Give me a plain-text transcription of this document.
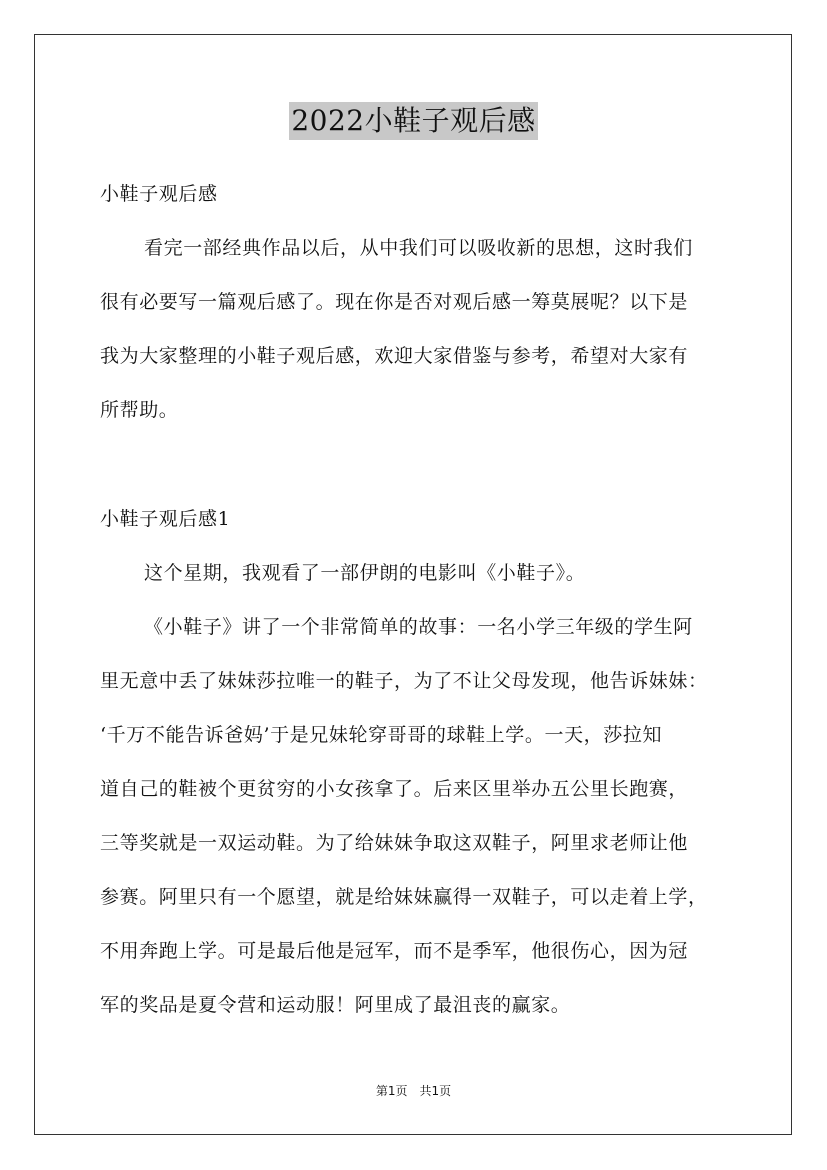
2022小鞋子观后感
小鞋子观后感
看完一部经典作品以后，从中我们可以吸收新的思想，这时我们
很有必要写一篇观后感了。现在你是否对观后感一筹莫展呢？以下是
我为大家整理的小鞋子观后感，欢迎大家借鉴与参考，希望对大家有
所帮助。
小鞋子观后感1
这个星期，我观看了一部伊朗的电影叫《小鞋子》。
《小鞋子》讲了一个非常简单的故事：一名小学三年级的学生阿
里无意中丢了妹妹莎拉唯一的鞋子，为了不让父母发现，他告诉妹妹：
‘千万不能告诉爸妈’于是兄妹轮穿哥哥的球鞋上学。一天，莎拉知
道自己的鞋被个更贫穷的小女孩拿了。后来区里举办五公里长跑赛，
三等奖就是一双运动鞋。为了给妹妹争取这双鞋子，阿里求老师让他
参赛。阿里只有一个愿望，就是给妹妹赢得一双鞋子，可以走着上学，
不用奔跑上学。可是最后他是冠军，而不是季军，他很伤心，因为冠
军的奖品是夏令营和运动服！阿里成了最沮丧的赢家。
第1页　共1页
